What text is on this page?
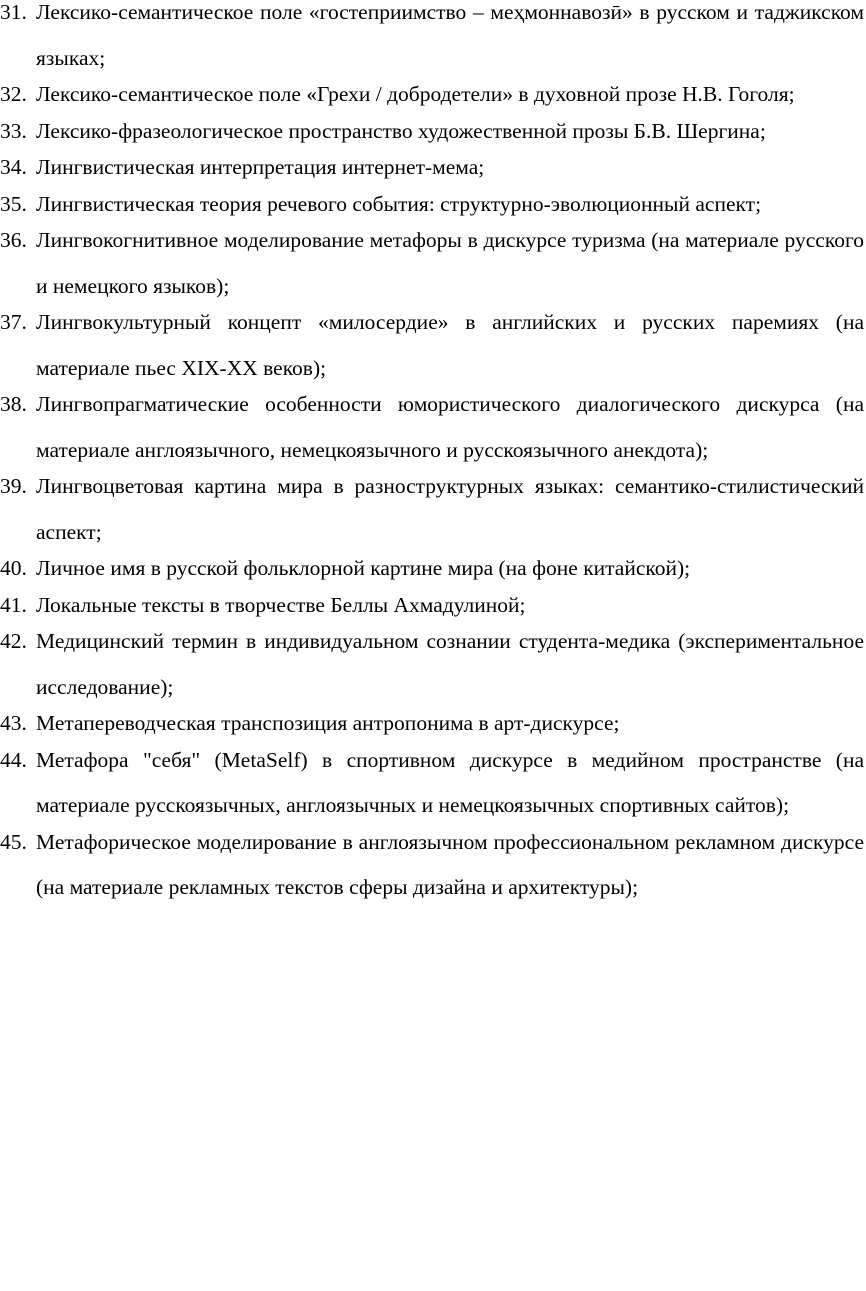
31. Лексико-семантическое поле «гостеприимство – меҳмоннавозӣ» в русском и таджикском языках;
32. Лексико-семантическое поле «Грехи / добродетели» в духовной прозе Н.В. Гоголя;
33. Лексико-фразеологическое пространство художественной прозы Б.В. Шергина;
34. Лингвистическая интерпретация интернет-мема;
35. Лингвистическая теория речевого события: структурно-эволюционный аспект;
36. Лингвокогнитивное моделирование метафоры в дискурсе туризма (на материале русского и немецкого языков);
37. Лингвокультурный концепт «милосердие» в английских и русских паремиях (на материале пьес XIX-XX веков);
38. Лингвопрагматические особенности юмористического диалогического дискурса (на материале англоязычного, немецкоязычного и русскоязычного анекдота);
39. Лингвоцветовая картина мира в разноструктурных языках: семантико-стилистический аспект;
40. Личное имя в русской фольклорной картине мира (на фоне китайской);
41. Локальные тексты в творчестве Беллы Ахмадулиной;
42. Медицинский термин в индивидуальном сознании студента-медика (экспериментальное исследование);
43. Метапереводческая транспозиция антропонима в арт-дискурсе;
44. Метафора "себя" (MetaSelf) в спортивном дискурсе в медийном пространстве (на материале русскоязычных, англоязычных и немецкоязычных спортивных сайтов);
45. Метафорическое моделирование в англоязычном профессиональном рекламном дискурсе (на материале рекламных текстов сферы дизайна и архитектуры);
